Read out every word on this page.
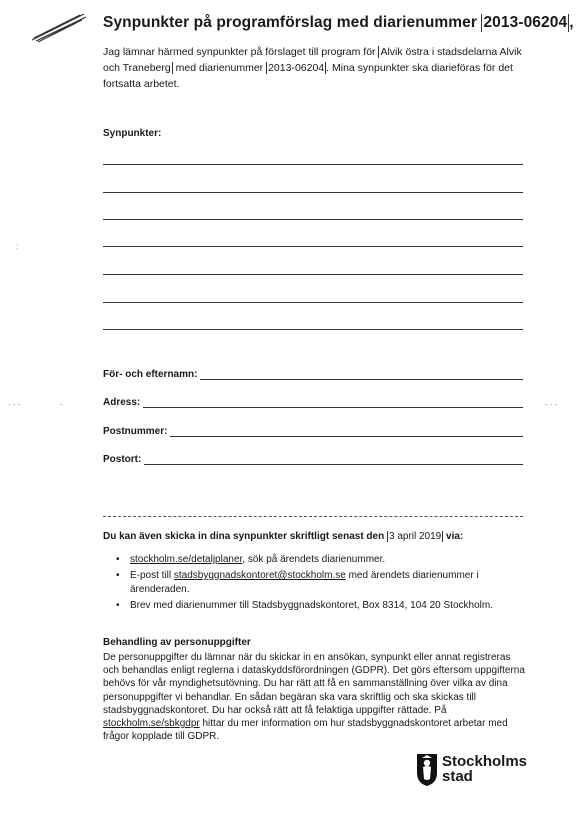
Synpunkter på programförslag med diarienummer 2013-06204 ,
Jag lämnar härmed synpunkter på förslaget till program för Alvik östra i stadsdelarna Alvik och Traneberg med diarienummer 2013-06204 . Mina synpunkter ska diarieföras för det fortsatta arbetet.
Synpunkter:
För- och efternamn:
Adress:
Postnummer:
Postort:
Du kan även skicka in dina synpunkter skriftligt senast den 3 april 2019 via:
• stockholm.se/detaljplaner, sök på ärendets diarienummer.
• E-post till stadsbyggnadskontoret@stockholm.se med ärendets diarienummer i ärenderaden.
• Brev med diarienummer till Stadsbyggnadskontoret, Box 8314, 104 20 Stockholm.
Behandling av personuppgifter
De personuppgifter du lämnar när du skickar in en ansökan, synpunkt eller annat registreras och behandlas enligt reglerna i dataskyddsförordningen (GDPR). Det görs eftersom uppgifterna behövs för vår myndighetsutövning. Du har rätt att få en sammanställning över vilka av dina personuppgifter vi behandlar. En sådan begäran ska vara skriftlig och ska skickas till stadsbyggnadskontoret. Du har också rätt att få felaktiga uppgifter rättade. På stockholm.se/sbkgdpr hittar du mer information om hur stadsbyggnadskontoret arbetar med frågor kopplade till GDPR.
Stockholms
stad
- - -	-	- - -
:
